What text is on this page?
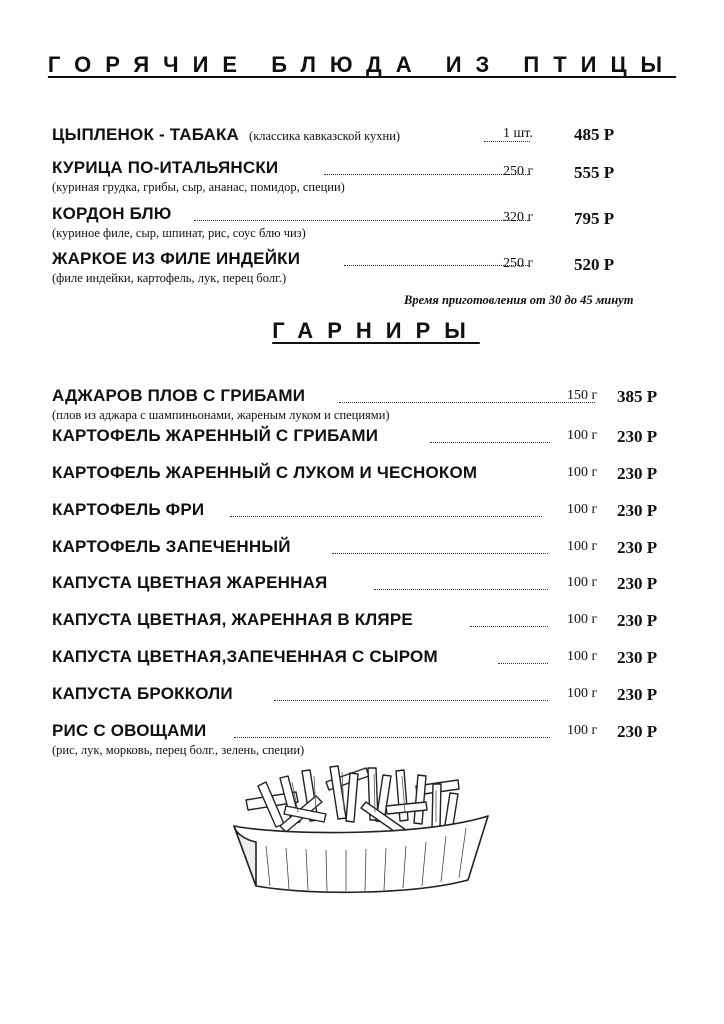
ГОРЯЧИЕ БЛЮДА ИЗ ПТИЦЫ
ЦЫПЛЕНОК - ТАБАКА (классика кавказской кухни)	1 шт. 485 Р
КУРИЦА ПО-ИТАЛЬЯНСКИ	250 г 555 Р
(куриная грудка, грибы, сыр, ананас, помидор, специи)
КОРДОН БЛЮ	320 г 795 Р
(куриное филе, сыр, шпинат, рис, соус блю чиз)
ЖАРКОЕ ИЗ ФИЛЕ ИНДЕЙКИ	250 г 520 Р
(филе индейки, картофель, лук, перец болг.)
Время приготовления от 30 до 45 минут
ГАРНИРЫ
АДЖАРОВ ПЛОВ С ГРИБАМИ	150 г 385 Р
(плов из аджара с шампиньонами, жареным луком и специями)
КАРТОФЕЛЬ ЖАРЕННЫЙ С ГРИБАМИ	100 г 230 Р
КАРТОФЕЛЬ ЖАРЕННЫЙ С ЛУКОМ И ЧЕСНОКОМ	100 г 230 Р
КАРТОФЕЛЬ ФРИ	100 г 230 Р
КАРТОФЕЛЬ ЗАПЕЧЕННЫЙ	100 г 230 Р
КАПУСТА ЦВЕТНАЯ ЖАРЕННАЯ	100 г 230 Р
КАПУСТА ЦВЕТНАЯ, ЖАРЕННАЯ В КЛЯРЕ	100 г 230 Р
КАПУСТА ЦВЕТНАЯ,ЗАПЕЧЕННАЯ С СЫРОМ	100 г 230 Р
КАПУСТА БРОККОЛИ	100 г 230 Р
РИС С ОВОЩАМИ	100 г 230 Р
(рис, лук, морковь, перец болг., зелень, специи)
